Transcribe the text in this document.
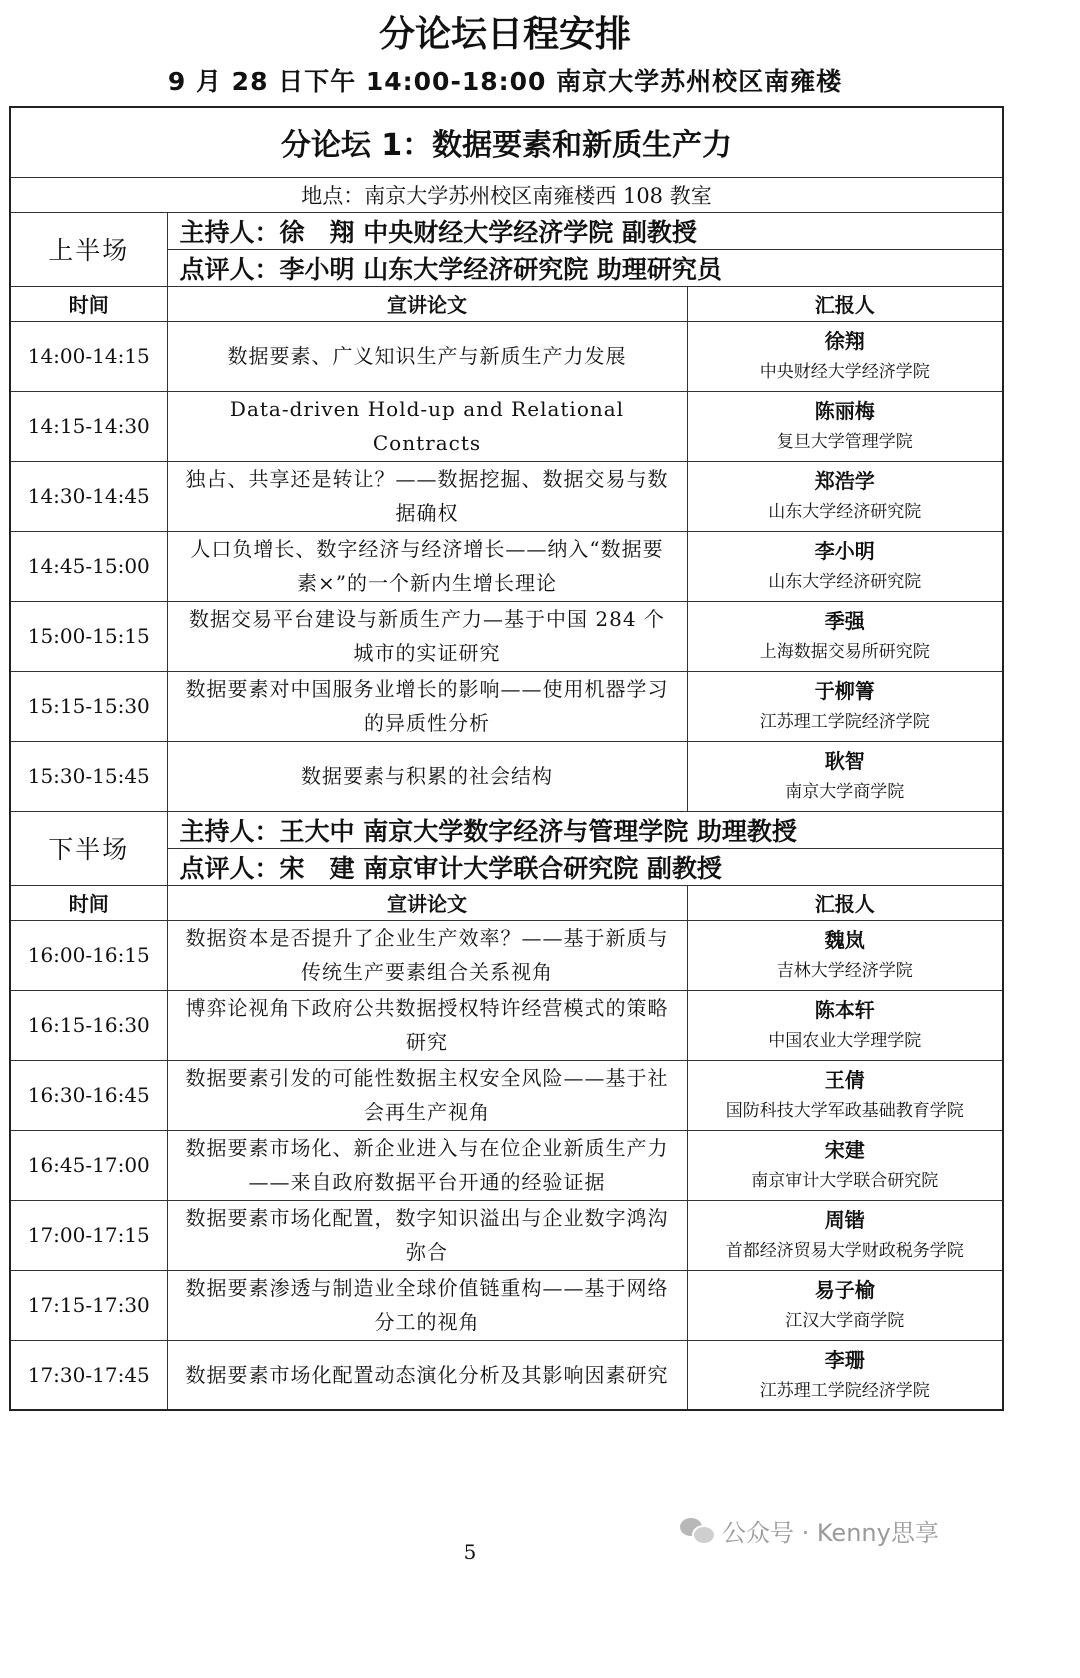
分论坛日程安排
9 月 28 日下午 14:00-18:00 南京大学苏州校区南雍楼
分论坛 1：数据要素和新质生产力		
地点：南京大学苏州校区南雍楼西 108 教室		
上半场	主持人：徐　翔 中央财经大学经济学院 副教授	
	点评人：李小明 山东大学经济研究院 助理研究员	
时间	宣讲论文	汇报人
14:00-14:15	数据要素、广义知识生产与新质生产力发展	徐翔
中央财经大学经济学院

14:15-14:30	Data-driven Hold-up and Relational Contracts	陈丽梅
复旦大学管理学院

14:30-14:45	独占、共享还是转让？——数据挖掘、数据交易与数据确权	郑浩学
山东大学经济研究院

14:45-15:00	人口负增长、数字经济与经济增长——纳入“数据要素×”的一个新内生增长理论	李小明
山东大学经济研究院

15:00-15:15	数据交易平台建设与新质生产力—基于中国 284 个城市的实证研究	季强
上海数据交易所研究院

15:15-15:30	数据要素对中国服务业增长的影响——使用机器学习的异质性分析	于柳箐
江苏理工学院经济学院

15:30-15:45	数据要素与积累的社会结构	耿智
南京大学商学院

下半场	主持人：王大中 南京大学数字经济与管理学院 助理教授	
	点评人：宋　建 南京审计大学联合研究院 副教授	
时间	宣讲论文	汇报人
16:00-16:15	数据资本是否提升了企业生产效率？——基于新质与传统生产要素组合关系视角	魏岚
吉林大学经济学院

16:15-16:30	博弈论视角下政府公共数据授权特许经营模式的策略研究	陈本轩
中国农业大学理学院

16:30-16:45	数据要素引发的可能性数据主权安全风险——基于社会再生产视角	王倩
国防科技大学军政基础教育学院

16:45-17:00	数据要素市场化、新企业进入与在位企业新质生产力——来自政府数据平台开通的经验证据	宋建
南京审计大学联合研究院

17:00-17:15	数据要素市场化配置，数字知识溢出与企业数字鸿沟弥合	周锴
首都经济贸易大学财政税务学院

17:15-17:30	数据要素渗透与制造业全球价值链重构——基于网络分工的视角	易子榆
江汉大学商学院

17:30-17:45	数据要素市场化配置动态演化分析及其影响因素研究	李珊
江苏理工学院经济学院
公众号 · Kenny思享
5
